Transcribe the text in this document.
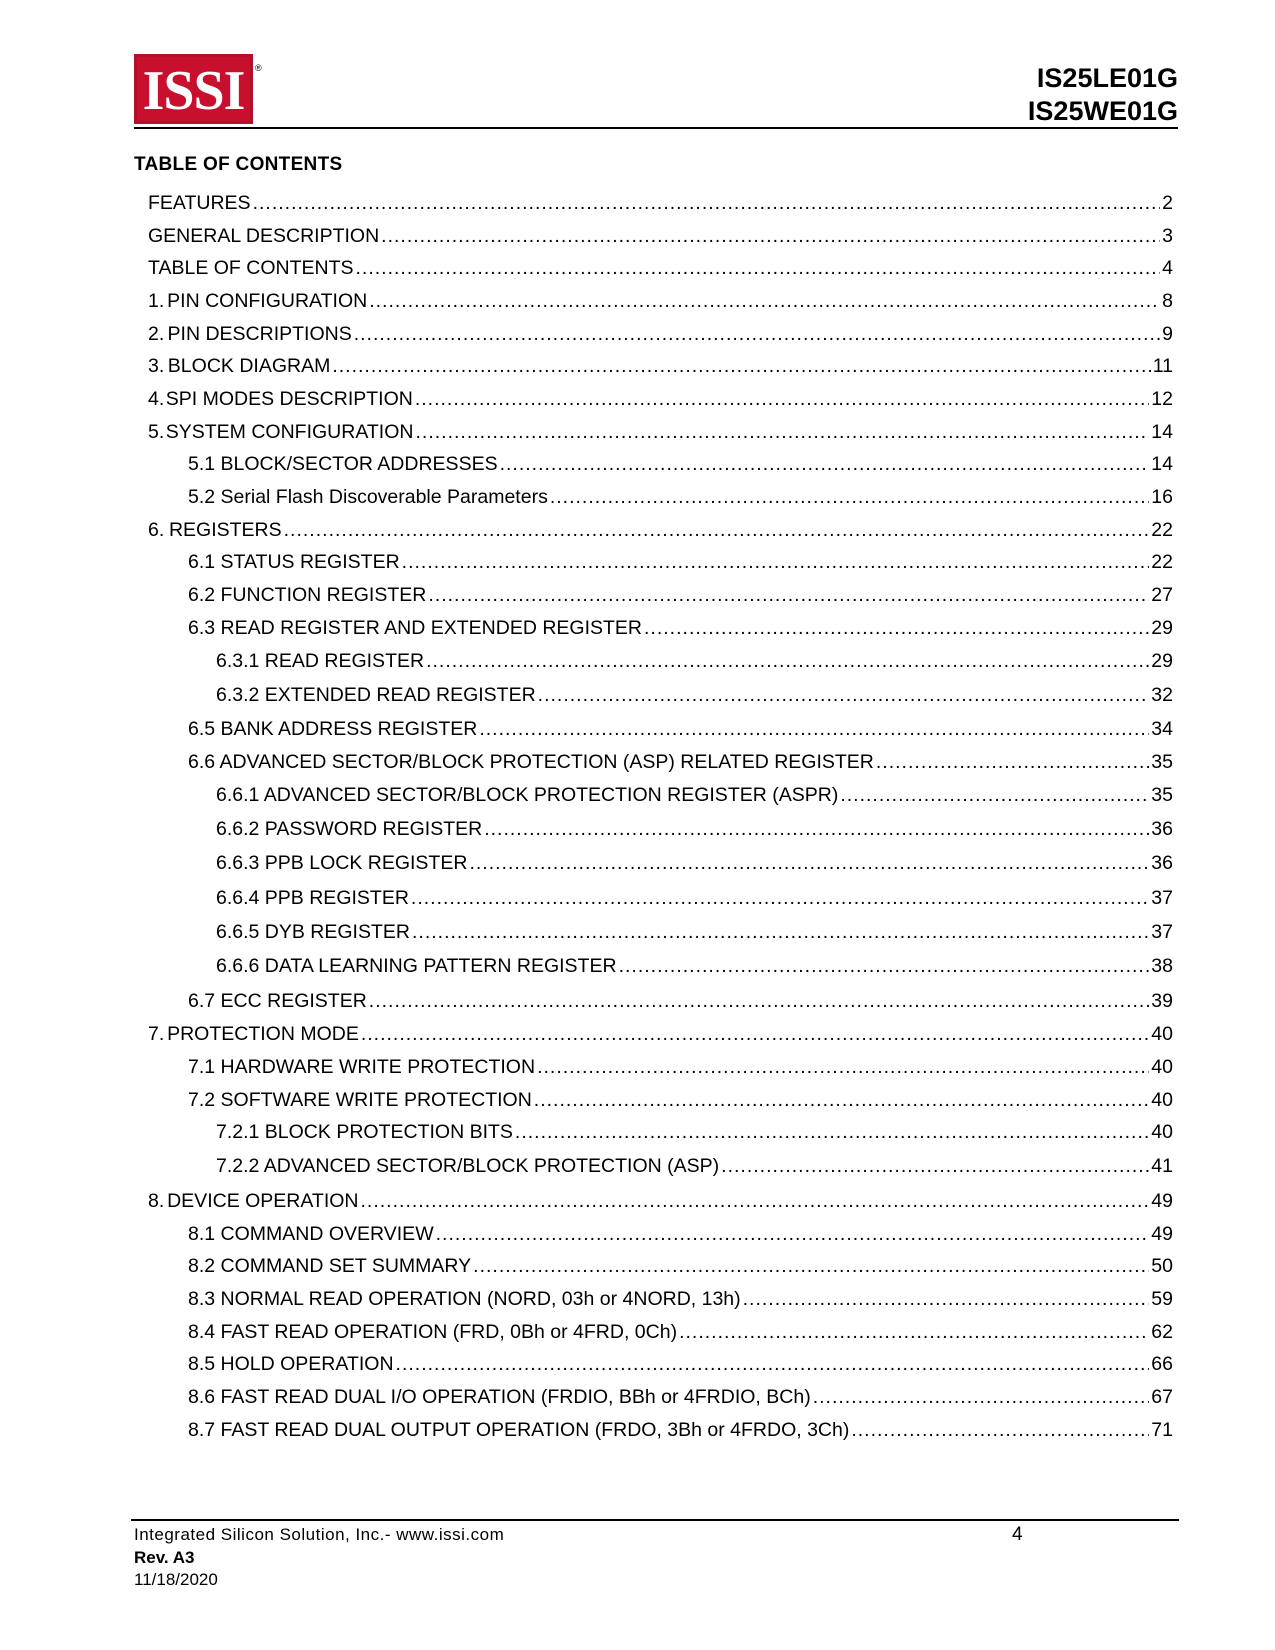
ISSI	®	IS25LE01G
IS25WE01G
TABLE OF CONTENTS
FEATURES .....	2
GENERAL DESCRIPTION .....	3
TABLE OF CONTENTS .....	4
1. PIN CONFIGURATION .....	8
2. PIN DESCRIPTIONS .....	9
3. BLOCK DIAGRAM .....	11
4. SPI MODES DESCRIPTION .....	12
5. SYSTEM CONFIGURATION .....	14
5.1 BLOCK/SECTOR ADDRESSES .....	14
5.2 Serial Flash Discoverable Parameters .....	16
6. REGISTERS .....	22
6.1 STATUS REGISTER .....	22
6.2 FUNCTION REGISTER .....	27
6.3 READ REGISTER AND EXTENDED REGISTER .....	29
6.3.1 READ REGISTER .....	29
6.3.2 EXTENDED READ REGISTER .....	32
6.5 BANK ADDRESS REGISTER .....	34
6.6 ADVANCED SECTOR/BLOCK PROTECTION (ASP) RELATED REGISTER .....	35
6.6.1 ADVANCED SECTOR/BLOCK PROTECTION REGISTER (ASPR) .....	35
6.6.2 PASSWORD REGISTER .....	36
6.6.3 PPB LOCK REGISTER .....	36
6.6.4 PPB REGISTER .....	37
6.6.5 DYB REGISTER .....	37
6.6.6 DATA LEARNING PATTERN REGISTER .....	38
6.7 ECC REGISTER .....	39
7. PROTECTION MODE .....	40
7.1 HARDWARE WRITE PROTECTION .....	40
7.2 SOFTWARE WRITE PROTECTION .....	40
7.2.1 BLOCK PROTECTION BITS .....	40
7.2.2 ADVANCED SECTOR/BLOCK PROTECTION (ASP) .....	41
8. DEVICE OPERATION .....	49
8.1 COMMAND OVERVIEW .....	49
8.2 COMMAND SET SUMMARY .....	50
8.3 NORMAL READ OPERATION (NORD, 03h or 4NORD, 13h) .....	59
8.4 FAST READ OPERATION (FRD, 0Bh or 4FRD, 0Ch) .....	62
8.5 HOLD OPERATION .....	66
8.6 FAST READ DUAL I/O OPERATION (FRDIO, BBh or 4FRDIO, BCh) .....	67
8.7 FAST READ DUAL OUTPUT OPERATION (FRDO, 3Bh or 4FRDO, 3Ch) .....	71
Integrated Silicon Solution, Inc.- www.issi.com	4
Rev. A3
11/18/2020
